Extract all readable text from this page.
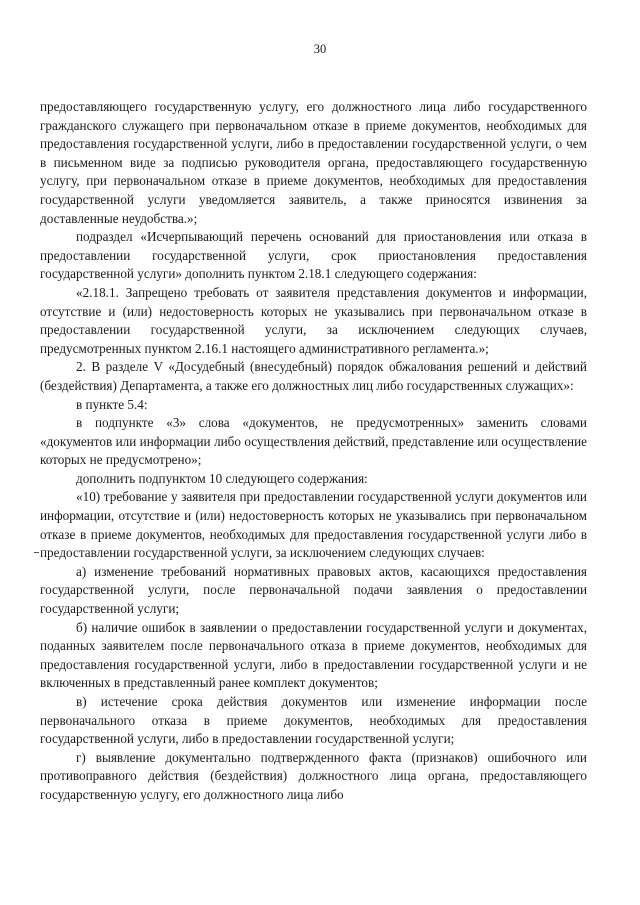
30

предоставляющего государственную услугу, его должностного лица либо государственного гражданского служащего при первоначальном отказе в приеме документов, необходимых для предоставления государственной услуги, либо в предоставлении государственной услуги, о чем в письменном виде за подписью руководителя органа, предоставляющего государственную услугу, при первоначальном отказе в приеме документов, необходимых для предоставления государственной услуги уведомляется заявитель, а также приносятся извинения за доставленные неудобства.»;

подраздел «Исчерпывающий перечень оснований для приостановления или отказа в предоставлении государственной услуги, срок приостановления предоставления государственной услуги» дополнить пунктом 2.18.1 следующего содержания:

«2.18.1. Запрещено требовать от заявителя представления документов и информации, отсутствие и (или) недостоверность которых не указывались при первоначальном отказе в предоставлении государственной услуги, за исключением следующих случаев, предусмотренных пунктом 2.16.1 настоящего административного регламента.»;

2. В разделе V «Досудебный (внесудебный) порядок обжалования решений и действий (бездействия) Департамента, а также его должностных лиц либо государственных служащих»:

в пункте 5.4:

в подпункте «3» слова «документов, не предусмотренных» заменить словами «документов или информации либо осуществления действий, представление или осуществление которых не предусмотрено»;

дополнить подпунктом 10 следующего содержания:

«10) требование у заявителя при предоставлении государственной услуги документов или информации, отсутствие и (или) недостоверность которых не указывались при первоначальном отказе в приеме документов, необходимых для предоставления государственной услуги либо в предоставлении государственной услуги, за исключением следующих случаев:

а) изменение требований нормативных правовых актов, касающихся предоставления государственной услуги, после первоначальной подачи заявления о предоставлении государственной услуги;

б) наличие ошибок в заявлении о предоставлении государственной услуги и документах, поданных заявителем после первоначального отказа в приеме документов, необходимых для предоставления государственной услуги, либо в предоставлении государственной услуги и не включенных в представленный ранее комплект документов;

в) истечение срока действия документов или изменение информации после первоначального отказа в приеме документов, необходимых для предоставления государственной услуги, либо в предоставлении государственной услуги;

г) выявление документально подтвержденного факта (признаков) ошибочного или противоправного действия (бездействия) должностного лица органа, предоставляющего государственную услугу, его должностного лица либо
